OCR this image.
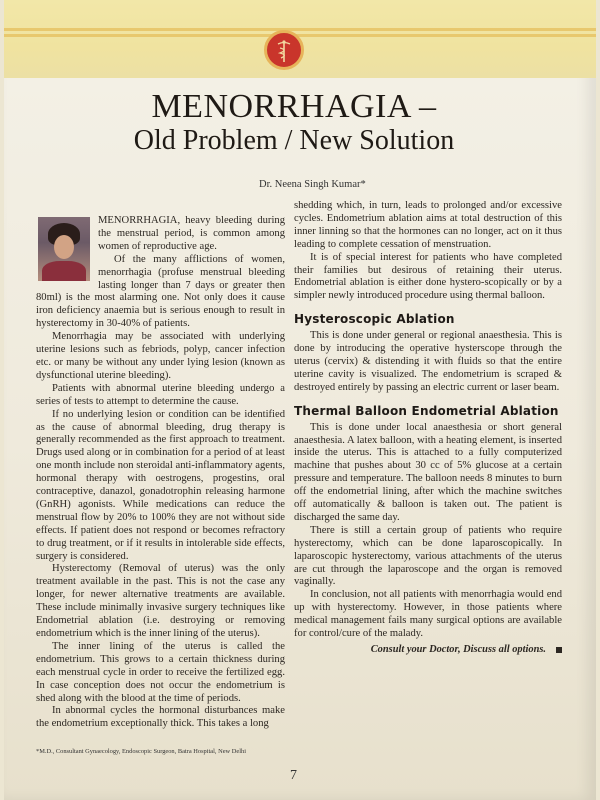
MENORRHAGIA –
Old Problem / New Solution
Dr. Neena Singh Kumar*

MENORRHAGIA, heavy bleeding during the menstrual period, is common among women of reproductive age.

Of the many afflictions of women, menorrhagia (profuse menstrual bleeding lasting longer than 7 days or greater then 80ml) is the most alarming one. Not only does it cause iron deficiency anaemia but is serious enough to result in hysterectomy in 30-40% of patients.

Menorrhagia may be associated with underlying uterine lesions such as febriods, polyp, cancer infection etc. or many be without any under lying lesion (known as dysfunctional uterine bleeding).

Patients with abnormal uterine bleeding undergo a series of tests to attempt to determine the cause.

If no underlying lesion or condition can be identified as the cause of abnormal bleeding, drug therapy is generally recommended as the first approach to treatment. Drugs used along or in combination for a period of at least one month include non steroidal anti-inflammatory agents, hormonal therapy with oestrogens, progestins, oral contraceptive, danazol, gonadotrophin releasing harmone (GnRH) agonists. While medications can reduce the menstrual flow by 20% to 100% they are not without side effects. If patient does not respond or becomes refractory to drug treatment, or if it results in intolerable side effects, surgery is considered.

Hysterectomy (Removal of uterus) was the only treatment available in the past. This is not the case any longer, for newer alternative treatments are available. These include minimally invasive surgery techniques like Endometrial ablation (i.e. destroying or removing endometrium which is the inner lining of the uterus).

The inner lining of the uterus is called the endometrium. This grows to a certain thickness during each menstrual cycle in order to receive the fertilized egg. In case conception does not occur the endometrium is shed along with the blood at the time of periods.

In abnormal cycles the hormonal disturbances make the endometrium exceptionally thick. This takes a long

shedding which, in turn, leads to prolonged and/or excessive cycles. Endometrium ablation aims at total destruction of this inner linning so that the hormones can no longer, act on it thus leading to complete cessation of menstruation.

It is of special interest for patients who have completed their families but desirous of retaining their uterus. Endometrial ablation is either done hystero-scopically or by a simpler newly introduced procedure using thermal balloon.

Hysteroscopic Ablation

This is done under general or regional anaesthesia. This is done by introducing the operative hysterscope through the uterus (cervix) & distending it with fluids so that the entire uterine cavity is visualized. The endometrium is scraped & destroyed entirely by passing an electric current or laser beam.

Thermal Balloon Endometrial Ablation

This is done under local anaesthesia or short general anaesthesia. A latex balloon, with a heating element, is inserted inside the uterus. This is attached to a fully computerized machine that pushes about 30 cc of 5% glucose at a certain pressure and temperature. The balloon needs 8 minutes to burn off the endometrial lining, after which the machine switches off automatically & balloon is taken out. The patient is discharged the same day.

There is still a certain group of patients who require hysterectomy, which can be done laparoscopically. In laparoscopic hysterectomy, various attachments of the uterus are cut through the laparoscope and the organ is removed vaginally.

In conclusion, not all patients with menorrhagia would end up with hysterectomy. However, in those patients where medical management fails many surgical options are available for control/cure of the malady.

Consult your Doctor, Discuss all options.
*M.D., Consultant Gynaecology, Endoscopic Surgeon, Batra Hospital, New Delhi
7
